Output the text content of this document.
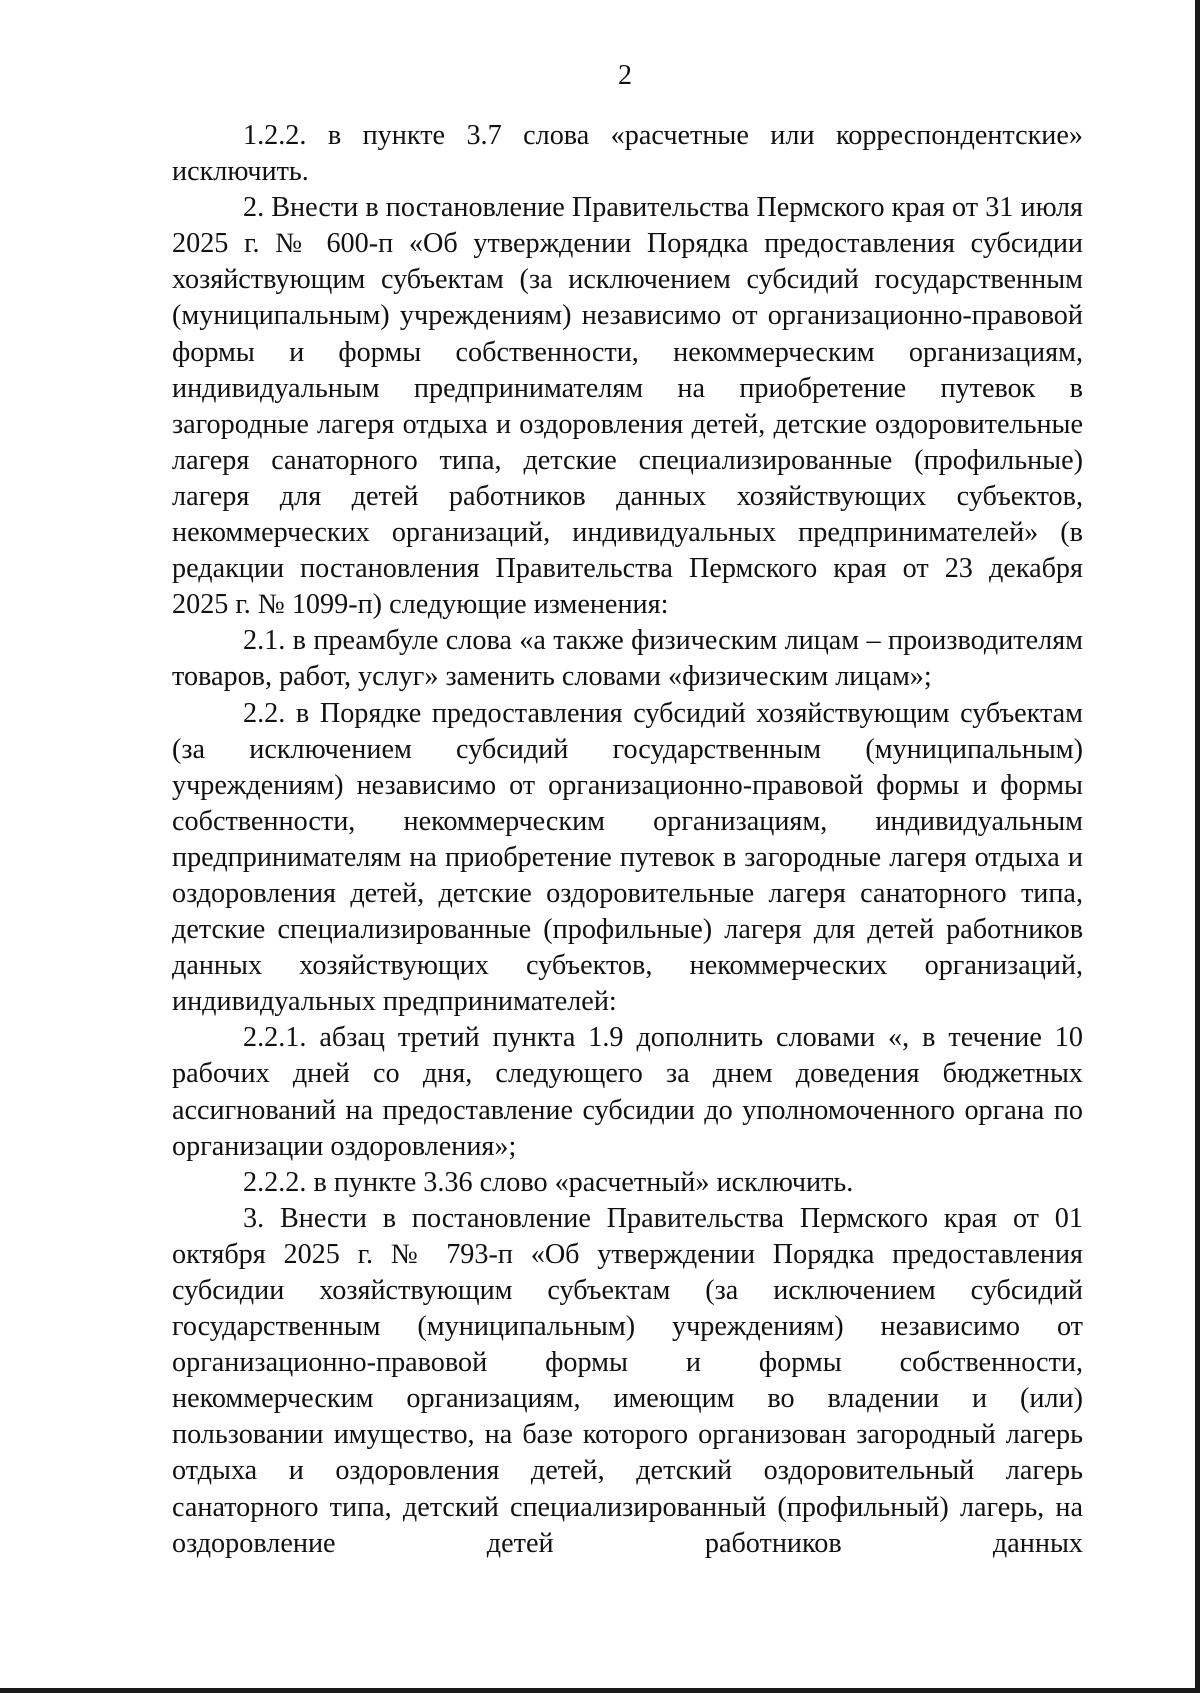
2

1.2.2. в пункте 3.7 слова «расчетные или корреспондентские» исключить.

2. Внести в постановление Правительства Пермского края от 31 июля 2025 г. № 600-п «Об утверждении Порядка предоставления субсидии хозяйствующим субъектам (за исключением субсидий государственным (муниципальным) учреждениям) независимо от организационно-правовой формы и формы собственности, некоммерческим организациям, индивидуальным предпринимателям на приобретение путевок в загородные лагеря отдыха и оздоровления детей, детские оздоровительные лагеря санаторного типа, детские специализированные (профильные) лагеря для детей работников данных хозяйствующих субъектов, некоммерческих организаций, индивидуальных предпринимателей» (в редакции постановления Правительства Пермского края от 23 декабря 2025 г. № 1099-п) следующие изменения:

2.1. в преамбуле слова «а также физическим лицам – производителям товаров, работ, услуг» заменить словами «физическим лицам»;

2.2. в Порядке предоставления субсидий хозяйствующим субъектам (за исключением субсидий государственным (муниципальным) учреждениям) независимо от организационно-правовой формы и формы собственности, некоммерческим организациям, индивидуальным предпринимателям на приобретение путевок в загородные лагеря отдыха и оздоровления детей, детские оздоровительные лагеря санаторного типа, детские специализированные (профильные) лагеря для детей работников данных хозяйствующих субъектов, некоммерческих организаций, индивидуальных предпринимателей:

2.2.1. абзац третий пункта 1.9 дополнить словами «, в течение 10 рабочих дней со дня, следующего за днем доведения бюджетных ассигнований на предоставление субсидии до уполномоченного органа по организации оздоровления»;

2.2.2. в пункте 3.36 слово «расчетный» исключить.

3. Внести в постановление Правительства Пермского края от 01 октября 2025 г. № 793-п «Об утверждении Порядка предоставления субсидии хозяйствующим субъектам (за исключением субсидий государственным (муниципальным) учреждениям) независимо от организационно-правовой формы и формы собственности, некоммерческим организациям, имеющим во владении и (или) пользовании имущество, на базе которого организован загородный лагерь отдыха и оздоровления детей, детский оздоровительный лагерь санаторного типа, детский специализированный (профильный) лагерь, на оздоровление детей работников данных
